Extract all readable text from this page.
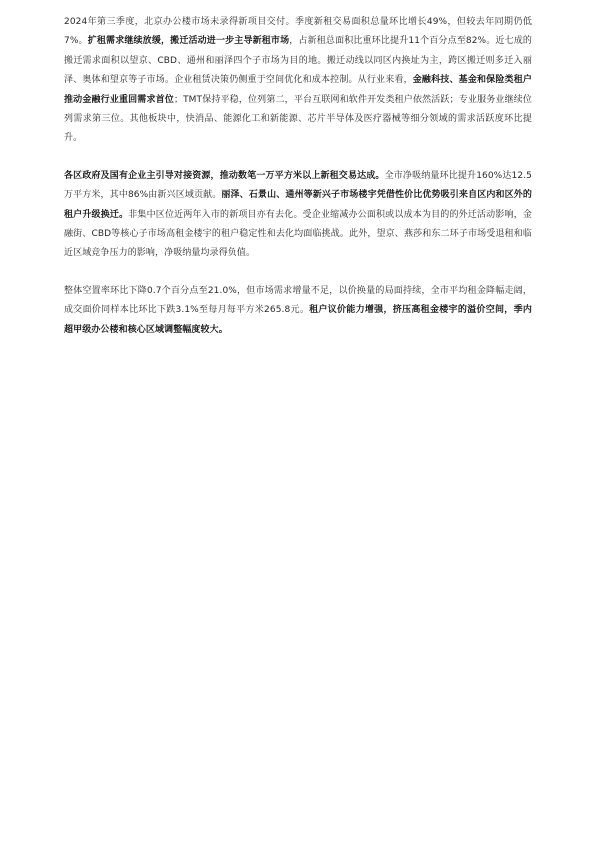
2024年第三季度，北京办公楼市场未录得新项目交付。季度新租交易面积总量环比增长49%，但较去年同期仍低7%。扩租需求继续放缓，搬迁活动进一步主导新租市场，占新租总面积比重环比提升11个百分点至82%。近七成的搬迁需求面积以望京、CBD、通州和丽泽四个子市场为目的地。搬迁动线以同区内换址为主，跨区搬迁则多迁入丽泽、奥体和望京等子市场。企业租赁决策仍侧重于空间优化和成本控制。从行业来看，金融科技、基金和保险类租户推动金融行业重回需求首位；TMT保持平稳，位列第二，平台互联网和软件开发类租户依然活跃；专业服务业继续位列需求第三位。其他板块中，快消品、能源化工和新能源、芯片半导体及医疗器械等细分领域的需求活跃度环比提升。

各区政府及国有企业主引导对接资源，推动数笔一万平方米以上新租交易达成。全市净吸纳量环比提升160%达12.5万平方米，其中86%由新兴区域贡献。丽泽、石景山、通州等新兴子市场楼宇凭借性价比优势吸引来自区内和区外的租户升级换迁。非集中区位近两年入市的新项目亦有去化。受企业缩减办公面积或以成本为目的的外迁活动影响，金融街、CBD等核心子市场高租金楼宇的租户稳定性和去化均面临挑战。此外，望京、燕莎和东二环子市场受退租和临近区域竞争压力的影响，净吸纳量均录得负值。

整体空置率环比下降0.7个百分点至21.0%，但市场需求增量不足，以价换量的局面持续，全市平均租金降幅走阔，成交面价同样本比环比下跌3.1%至每月每平方米265.8元。租户议价能力增强，挤压高租金楼宇的溢价空间，季内超甲级办公楼和核心区域调整幅度较大。
